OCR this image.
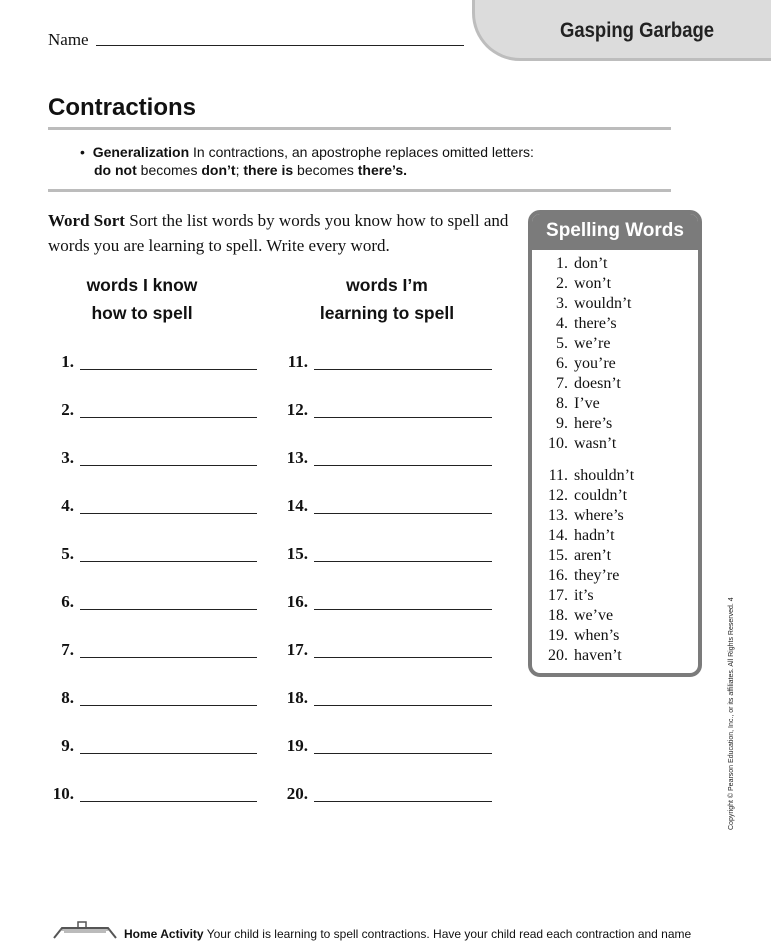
Gasping Garbage
Name
Contractions
• Generalization In contractions, an apostrophe replaces omitted letters:
do not becomes don’t; there is becomes there’s.
Word Sort Sort the list words by words you know how to spell and words you are learning to spell. Write every word.
words I know
how to spell
words I’m
learning to spell
1.
2.
3.
4.
5.
6.
7.
8.
9.
10.
11.
12.
13.
14.
15.
16.
17.
18.
19.
20.
Spelling Words
1. don’t
2. won’t
3. wouldn’t
4. there’s
5. we’re
6. you’re
7. doesn’t
8. I’ve
9. here’s
10. wasn’t
11. shouldn’t
12. couldn’t
13. where’s
14. hadn’t
15. aren’t
16. they’re
17. it’s
18. we’ve
19. when’s
20. haven’t	Copyright © Pearson Education, Inc., or its affiliates. All Rights Reserved. 4
Home Activity Your child is learning to spell contractions. Have your child read each contraction and name
